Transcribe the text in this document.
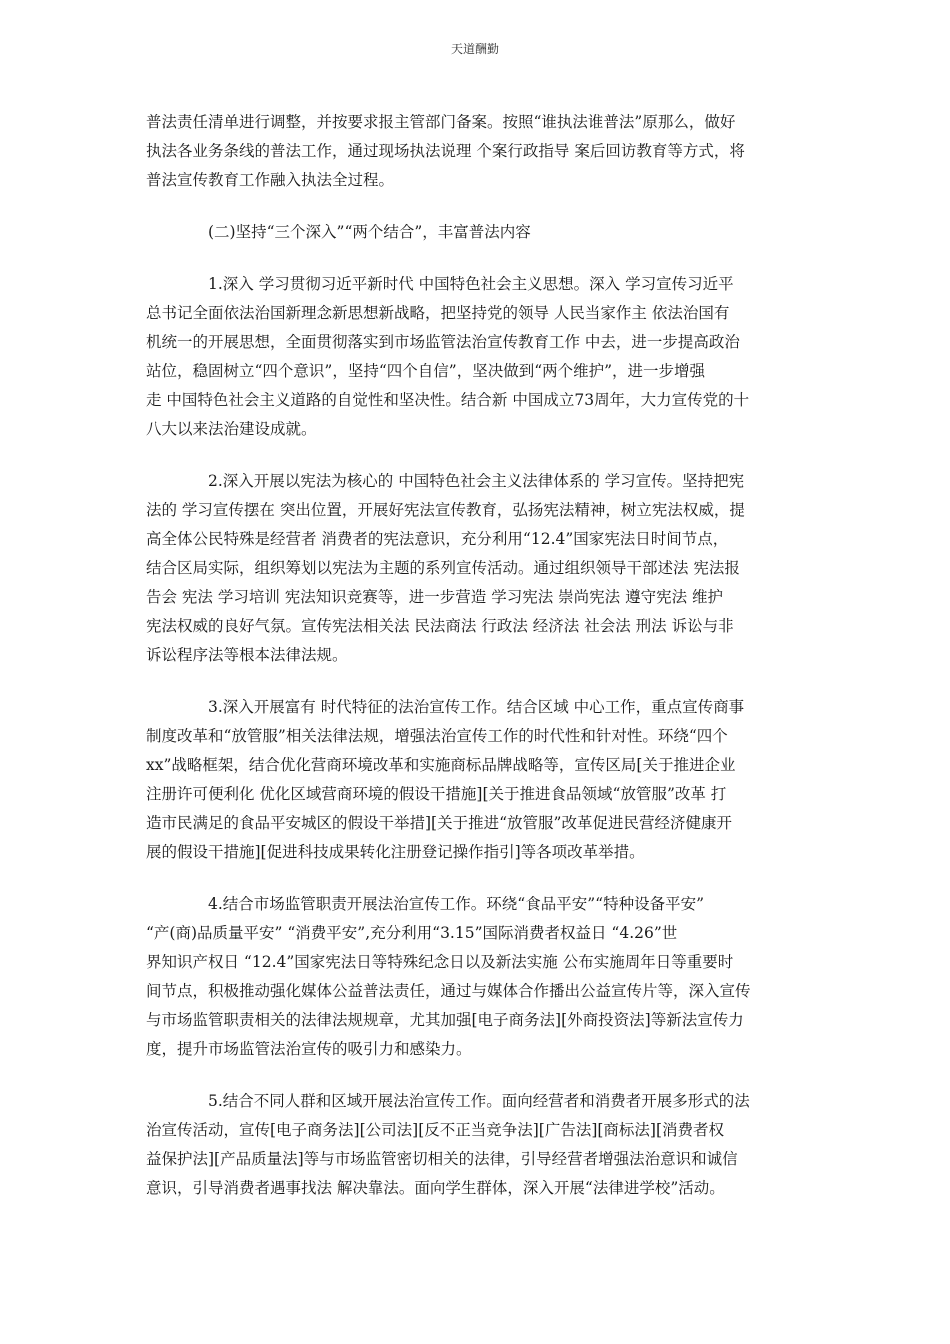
天道酬勤
普法责任清单进行调整，并按要求报主管部门备案。按照“谁执法谁普法”原那么，做好
执法各业务条线的普法工作，通过现场执法说理 个案行政指导 案后回访教育等方式，将
普法宣传教育工作融入执法全过程。
(二)坚持“三个深入”“两个结合”，丰富普法内容
1.深入 学习贯彻习近平新时代 中国特色社会主义思想。深入 学习宣传习近平
总书记全面依法治国新理念新思想新战略，把坚持党的领导 人民当家作主 依法治国有
机统一的开展思想，全面贯彻落实到市场监管法治宣传教育工作 中去，进一步提高政治
站位，稳固树立“四个意识”，坚持“四个自信”，坚决做到“两个维护”，进一步增强
走 中国特色社会主义道路的自觉性和坚决性。结合新 中国成立73周年，大力宣传党的十
八大以来法治建设成就。
2.深入开展以宪法为核心的 中国特色社会主义法律体系的 学习宣传。坚持把宪
法的 学习宣传摆在 突出位置，开展好宪法宣传教育，弘扬宪法精神，树立宪法权威，提
高全体公民特殊是经营者 消费者的宪法意识，充分利用“12.4”国家宪法日时间节点，
结合区局实际，组织筹划以宪法为主题的系列宣传活动。通过组织领导干部述法 宪法报
告会 宪法 学习培训 宪法知识竞赛等，进一步营造 学习宪法 崇尚宪法 遵守宪法 维护
宪法权威的良好气氛。宣传宪法相关法 民法商法 行政法 经济法 社会法 刑法 诉讼与非
诉讼程序法等根本法律法规。
3.深入开展富有 时代特征的法治宣传工作。结合区域 中心工作，重点宣传商事
制度改革和“放管服”相关法律法规，增强法治宣传工作的时代性和针对性。环绕“四个
xx”战略框架，结合优化营商环境改革和实施商标品牌战略等，宣传区局[关于推进企业
注册许可便利化 优化区域营商环境的假设干措施][关于推进食品领域“放管服”改革 打
造市民满足的食品平安城区的假设干举措][关于推进“放管服”改革促进民营经济健康开
展的假设干措施][促进科技成果转化注册登记操作指引]等各项改革举措。
4.结合市场监管职责开展法治宣传工作。环绕“食品平安”“特种设备平安”
“产(商)品质量平安” “消费平安”,充分利用“3.15”国际消费者权益日 “4.26”世
界知识产权日 “12.4”国家宪法日等特殊纪念日以及新法实施 公布实施周年日等重要时
间节点，积极推动强化媒体公益普法责任，通过与媒体合作播出公益宣传片等，深入宣传
与市场监管职责相关的法律法规规章，尤其加强[电子商务法][外商投资法]等新法宣传力
度，提升市场监管法治宣传的吸引力和感染力。
5.结合不同人群和区域开展法治宣传工作。面向经营者和消费者开展多形式的法
治宣传活动，宣传[电子商务法][公司法][反不正当竞争法][广告法][商标法][消费者权
益保护法][产品质量法]等与市场监管密切相关的法律，引导经营者增强法治意识和诚信
意识，引导消费者遇事找法 解决靠法。面向学生群体，深入开展“法律进学校”活动。
